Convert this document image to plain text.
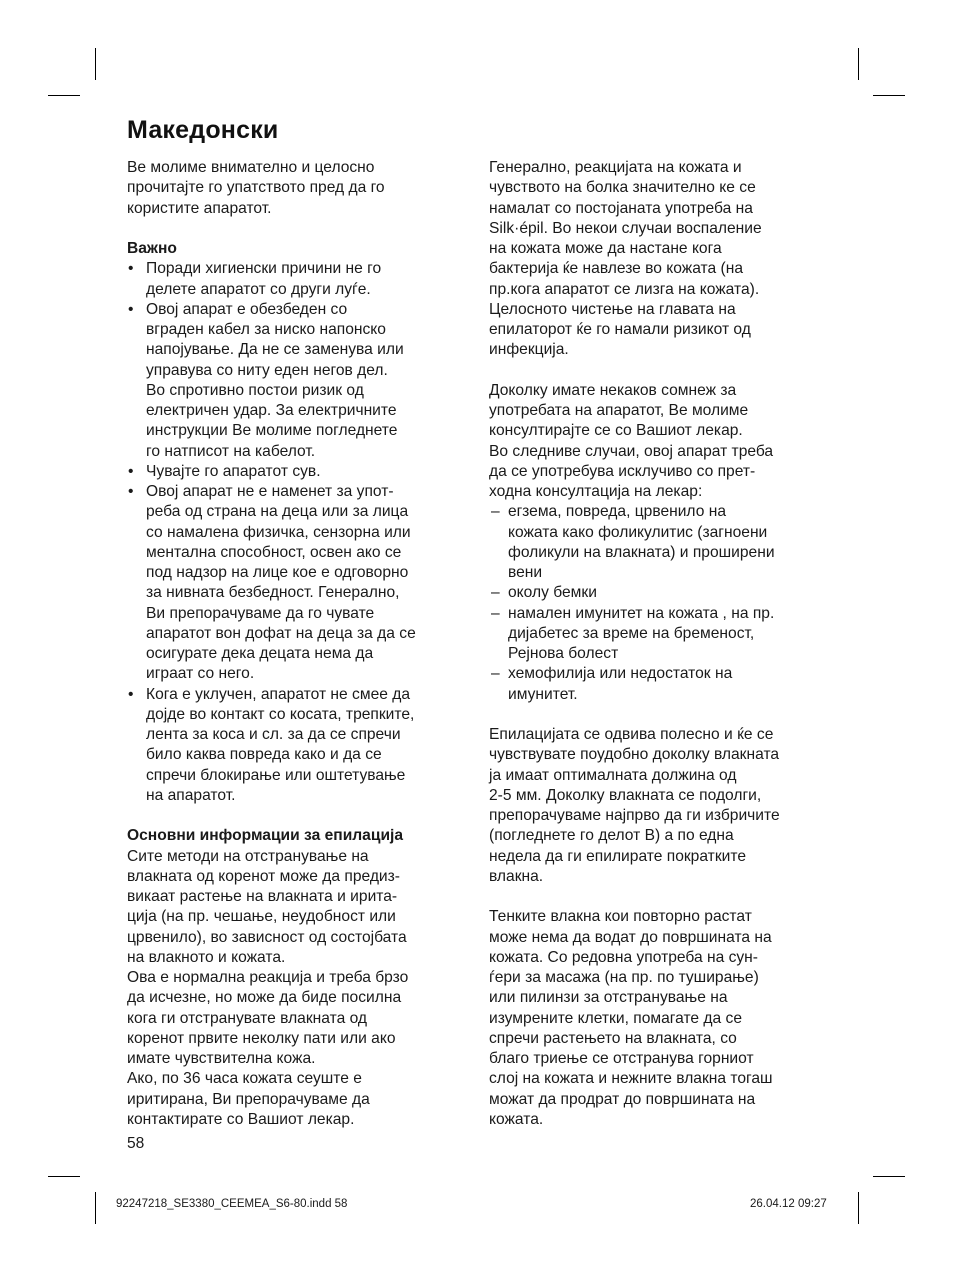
Македонски

Ве молиме внимателно и целосно

прочитајте го упатството пред да го

користите апаратот.

Важно

• Поради хигиенски причини не го

делете апаратот со други луѓе.

• Овој апарат е обезбеден со

вграден кабел за ниско напонско

напојување. Да не се заменува или

управува со ниту еден негов дел.

Во спротивно постои ризик од

електричен удар. За електричните

инструкции Ве молиме погледнете

го натписот на кабелот.

• Чувајте го апаратот сув.

• Овој апарат не е наменет за упот-

реба од страна на деца или за лица

со намалена физичка, сензорна или

ментална способност, освен ако се

под надзор на лице кое е одговорно

за нивната безбедност. Генерално,

Ви препорачуваме да го чувате

апаратот вон дофат на деца за да се

осигурате дека децата нема да

играат со него.

• Кога е уклучен, апаратот не смее да

дојде во контакт со косата, трепките,

лента за коса и сл. за да се спречи

било каква повреда како и да се

спречи блокирање или оштетување

на апаратот.

Основни информации за епилација

Сите методи на отстранување на

влакната од коренот може да предиз-

викаат растење на влакната и ирита-

ција (на пр. чешање, неудобност или

црвенило), во зависност од состојбата

на влакното и кожата.

Ова е нормална реакција и треба брзо

да исчезне, но може да биде посилна

кога ги отстранувате влакната од

коренот првите неколку пати или ако

имате чувствителна кожа.

Ако, по 36 часа кожата сеуште е

иритирана, Ви препорачуваме да

контактирате со Вашиот лекар.

Генерално, реакцијата на кожата и

чувството на болка значително ке се

намалат со постојаната употреба на

Silk·épil. Во некои случаи воспаление

на кожата може да настане кога

бактерија ќе навлезе во кожата (на

пр.кога апаратот се лизга на кожата).

Целосното чистење на главата на

епилаторот ќе го намали ризикот од

инфекција.

Доколку имате некаков сомнеж за

употребата на апаратот, Ве молиме

консултирајте се со Вашиот лекар.

Во следниве случаи, овој апарат треба

да се употребува исклучиво со прет-

ходна консултација на лекар:

– егзема, повреда, црвенило на

кожата како фоликулитис (загноени

фоликули на влакната) и проширени

вени

– околу бемки

– намален имунитет на кожата , на пр.

дијабетес за време на бременост,

Рејнова болест

– хемофилија или недостаток на

имунитет.

Епилацијата се одвива полесно и ќе се

чувствувате поудобно доколку влакната

ја имаат оптималната должина од

2-5 мм. Доколку влакната се подолги,

препорачуваме најпрво да ги избричите

(погледнете го делот B) а по една

недела да ги епилирате пократките

влакна.

Тенките влакна кои повторно растат

може нема да водат до површината на

кожата. Со редовна употреба на сун-

ѓери за масажа (на пр. по туширање)

или пилинзи за отстранување на

изумрените клетки, помагате да се

спречи растењето на влакната, со

благо триење се отстранува горниот

слој на кожата и нежните влакна тогаш

можат да продрат до површината на

кожата.

58
92247218_SE3380_CEEMEA_S6-80.indd 58	26.04.12 09:27
